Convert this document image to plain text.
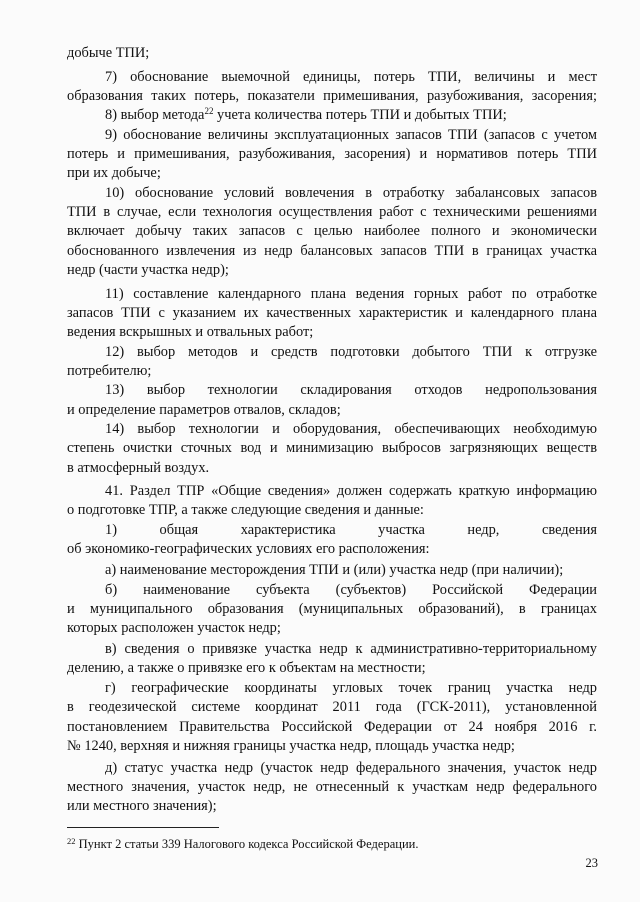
добыче ТПИ;
7) обоснование выемочной единицы, потерь ТПИ, величины и мест
образования таких потерь, показатели примешивания, разубоживания, засорения;
8) выбор метода$^{22}$ учета количества потерь ТПИ и добытых ТПИ;
9) обоснование величины эксплуатационных запасов ТПИ (запасов с учетом
потерь и примешивания, разубоживания, засорения) и нормативов потерь ТПИ
при их добыче;
10) обоснование условий вовлечения в отработку забалансовых запасов
ТПИ в случае, если технология осуществления работ с техническими решениями
включает добычу таких запасов с целью наиболее полного и экономически
обоснованного извлечения из недр балансовых запасов ТПИ в границах участка
недр (части участка недр);
11) составление календарного плана ведения горных работ по отработке
запасов ТПИ с указанием их качественных характеристик и календарного плана
ведения вскрышных и отвальных работ;
12) выбор методов и средств подготовки добытого ТПИ к отгрузке
потребителю;
13) выбор технологии складирования отходов недропользования
и определение параметров отвалов, складов;
14) выбор технологии и оборудования, обеспечивающих необходимую
степень очистки сточных вод и минимизацию выбросов загрязняющих веществ
в атмосферный воздух.
41. Раздел ТПР «Общие сведения» должен содержать краткую информацию
о подготовке ТПР, а также следующие сведения и данные:
1) общая характеристика участка недр, сведения
об экономико-географических условиях его расположения:
а) наименование месторождения ТПИ и (или) участка недр (при наличии);
б) наименование субъекта (субъектов) Российской Федерации
и муниципального образования (муниципальных образований), в границах
которых расположен участок недр;
в) сведения о привязке участка недр к административно-территориальному
делению, а также о привязке его к объектам на местности;
г) географические координаты угловых точек границ участка недр
в геодезической системе координат 2011 года (ГСК-2011), установленной
постановлением Правительства Российской Федерации от 24 ноября 2016 г.
№ 1240, верхняя и нижняя границы участка недр, площадь участка недр;
д) статус участка недр (участок недр федерального значения, участок недр
местного значения, участок недр, не отнесенный к участкам недр федерального
или местного значения);
$^{22}$ Пункт 2 статьи 339 Налогового кодекса Российской Федерации.
23
